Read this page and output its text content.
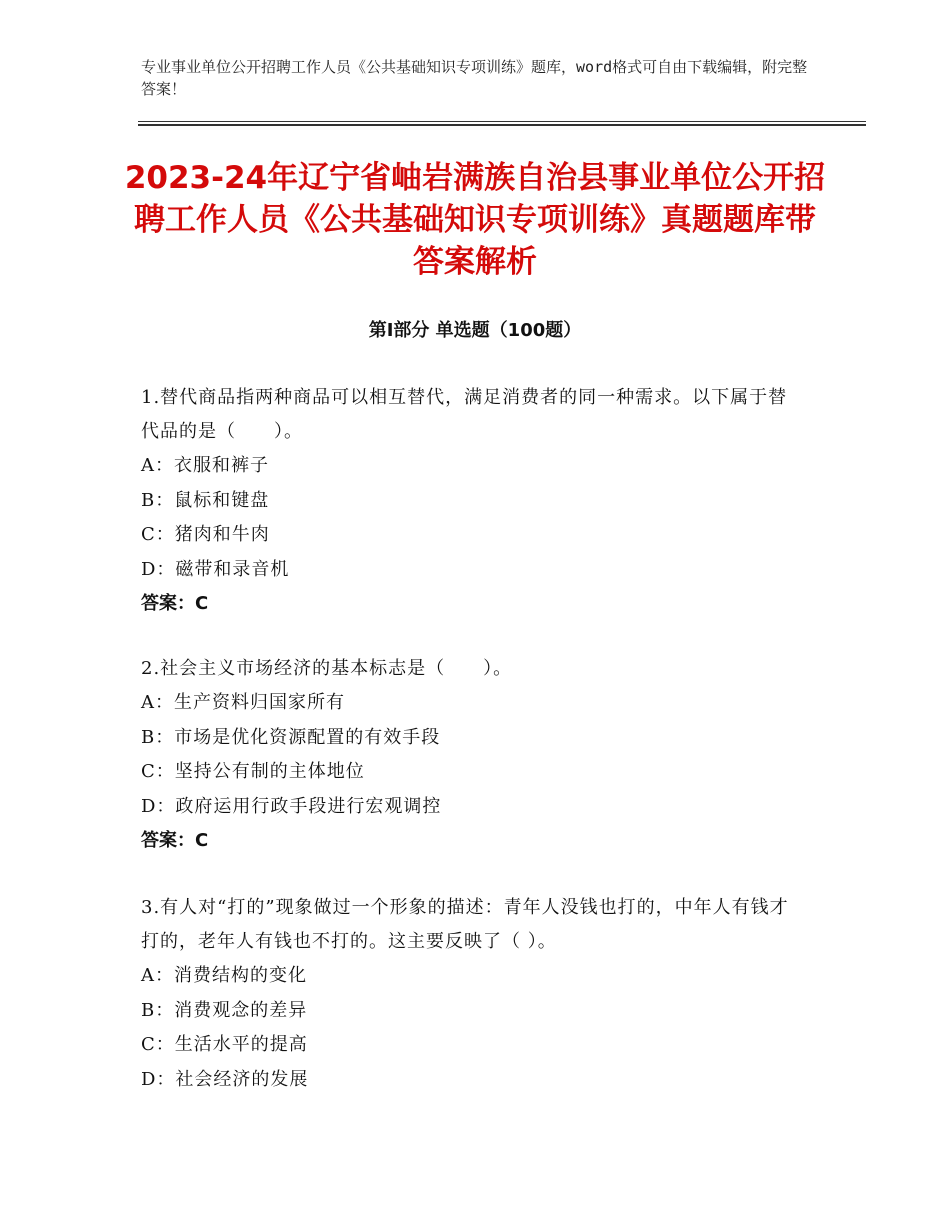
专业事业单位公开招聘工作人员《公共基础知识专项训练》题库，word格式可自由下载编辑，附完整答案！
2023-24年辽宁省岫岩满族自治县事业单位公开招聘工作人员《公共基础知识专项训练》真题题库带答案解析
第Ⅰ部分 单选题（100题）
1.替代商品指两种商品可以相互替代，满足消费者的同一种需求。以下属于替代品的是（　　）。
A：衣服和裤子
B：鼠标和键盘
C：猪肉和牛肉
D：磁带和录音机
答案：C
2.社会主义市场经济的基本标志是（　　）。
A：生产资料归国家所有
B：市场是优化资源配置的有效手段
C：坚持公有制的主体地位
D：政府运用行政手段进行宏观调控
答案：C
3.有人对“打的”现象做过一个形象的描述：青年人没钱也打的，中年人有钱才打的，老年人有钱也不打的。这主要反映了（ ）。
A：消费结构的变化
B：消费观念的差异
C：生活水平的提高
D：社会经济的发展
